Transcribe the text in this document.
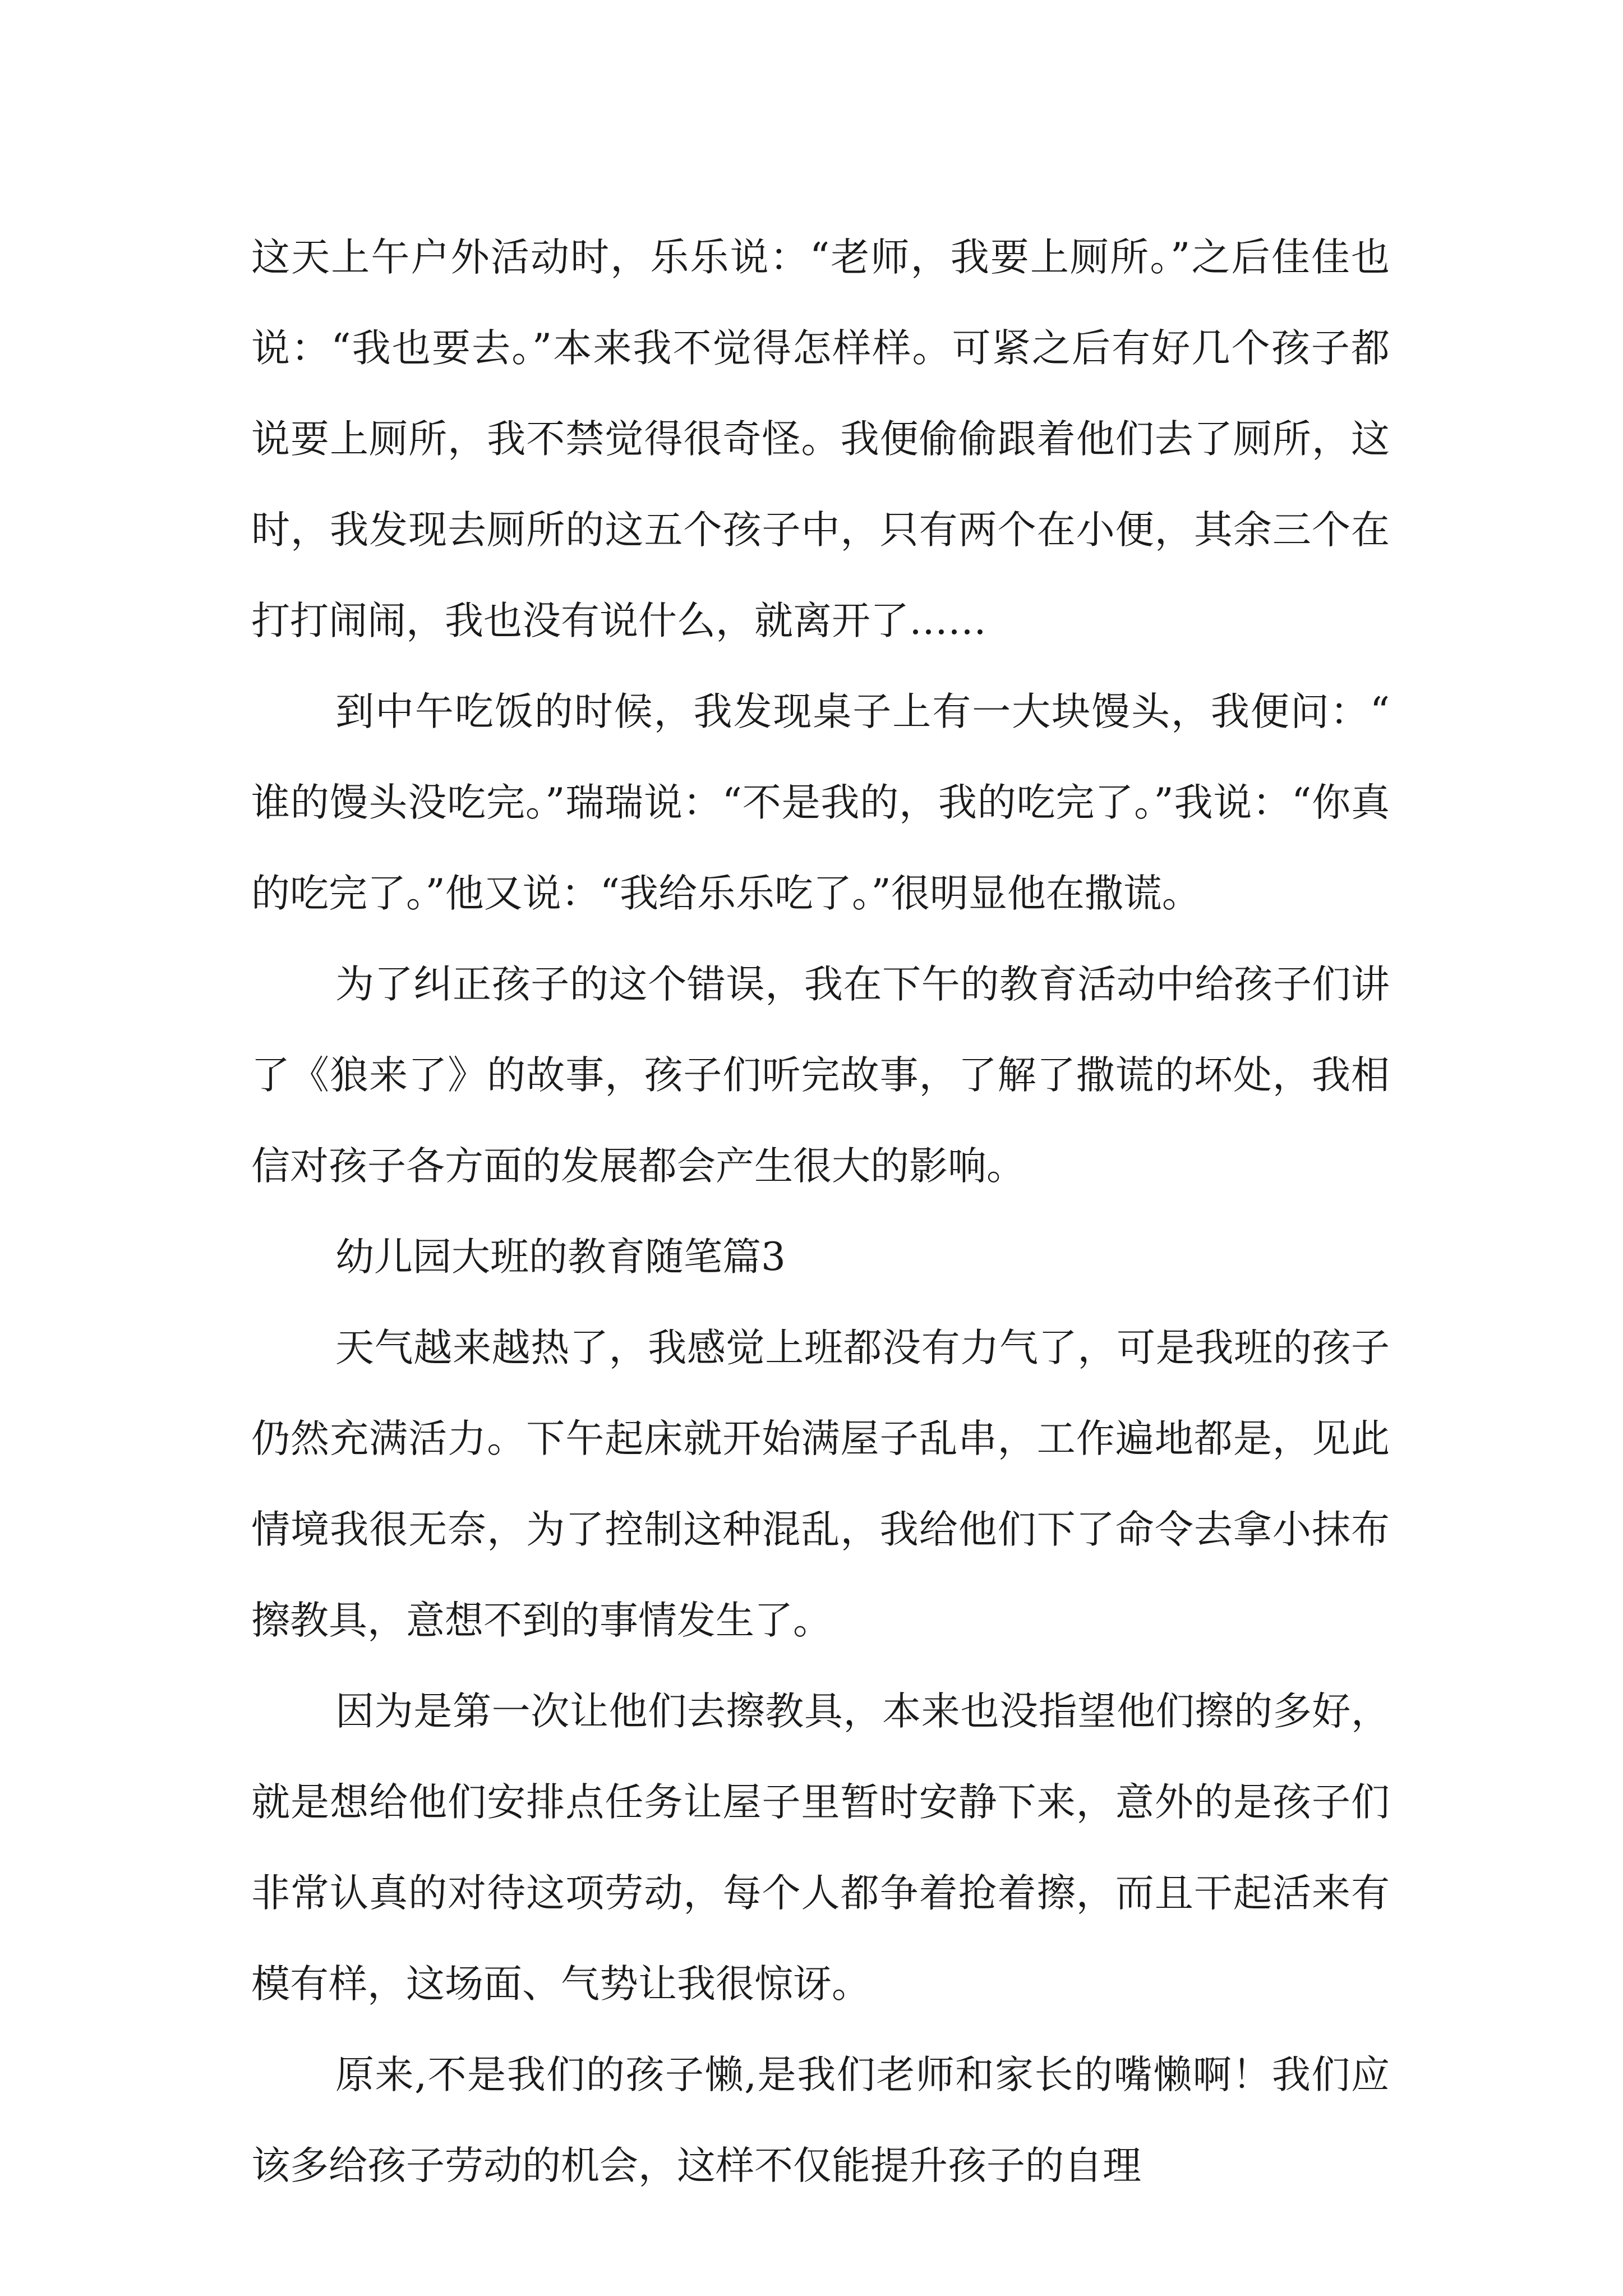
这天上午户外活动时，乐乐说：“老师，我要上厕所。”之后佳佳也说：“我也要去。”本来我不觉得怎样样。可紧之后有好几个孩子都说要上厕所，我不禁觉得很奇怪。我便偷偷跟着他们去了厕所，这时，我发现去厕所的这五个孩子中，只有两个在小便，其余三个在打打闹闹，我也没有说什么，就离开了……

到中午吃饭的时候，我发现桌子上有一大块馒头，我便问：“谁的馒头没吃完。”瑞瑞说：“不是我的，我的吃完了。”我说：“你真的吃完了。”他又说：“我给乐乐吃了。”很明显他在撒谎。

为了纠正孩子的这个错误，我在下午的教育活动中给孩子们讲了《狼来了》的故事，孩子们听完故事，了解了撒谎的坏处，我相信对孩子各方面的发展都会产生很大的影响。

幼儿园大班的教育随笔篇3

天气越来越热了，我感觉上班都没有力气了，可是我班的孩子仍然充满活力。下午起床就开始满屋子乱串，工作遍地都是，见此情境我很无奈，为了控制这种混乱，我给他们下了命令去拿小抹布擦教具，意想不到的事情发生了。

因为是第一次让他们去擦教具，本来也没指望他们擦的多好，就是想给他们安排点任务让屋子里暂时安静下来，意外的是孩子们非常认真的对待这项劳动，每个人都争着抢着擦，而且干起活来有模有样，这场面、气势让我很惊讶。

原来,不是我们的孩子懒,是我们老师和家长的嘴懒啊！我们应该多给孩子劳动的机会，这样不仅能提升孩子的自理
